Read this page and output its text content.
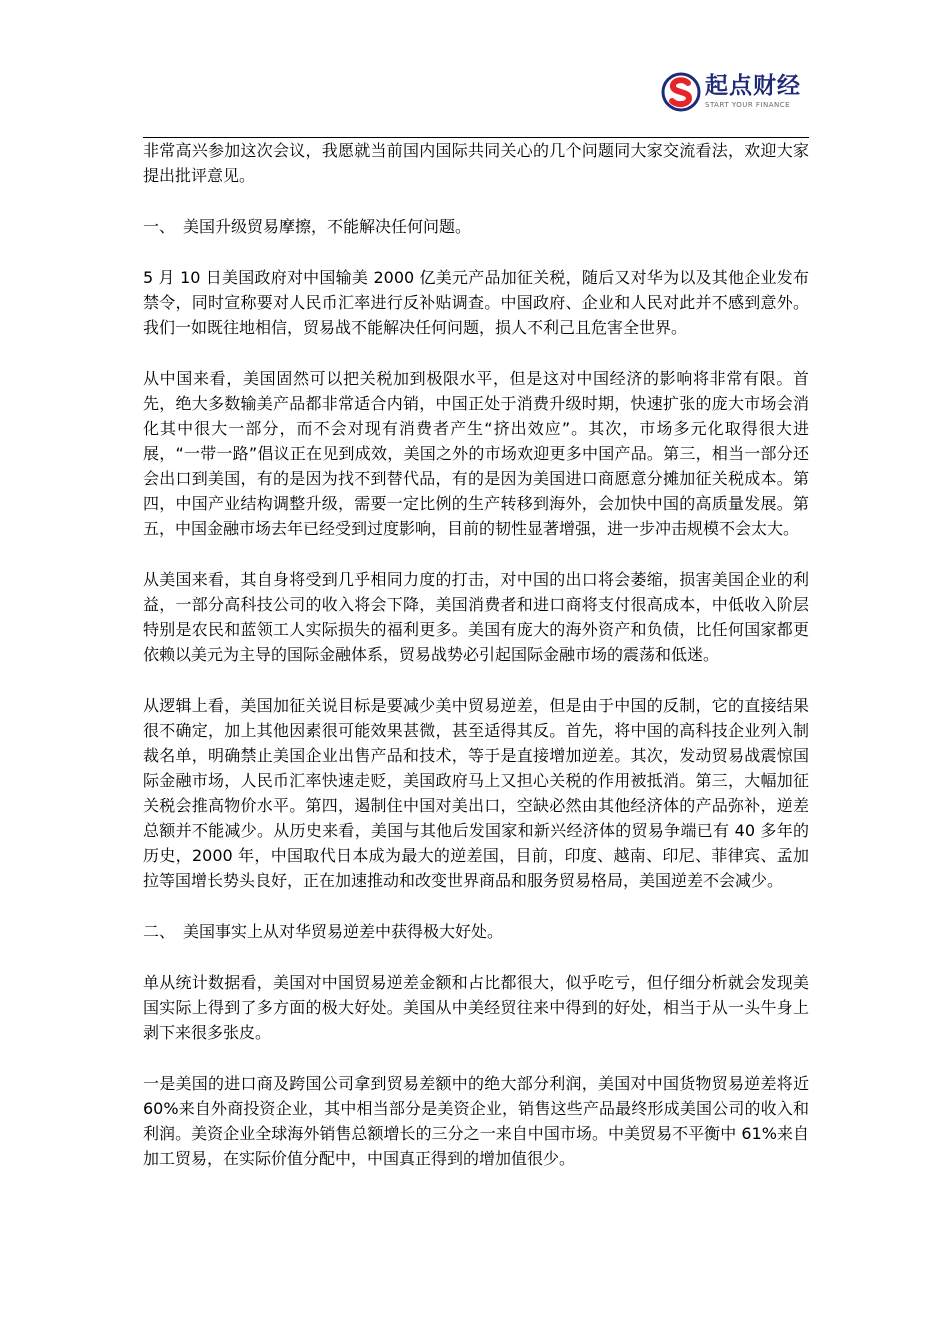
起点财经
START YOUR FINANCE

非常高兴参加这次会议，我愿就当前国内国际共同关心的几个问题同大家交流看法，欢迎大家提出批评意见。

一、　美国升级贸易摩擦，不能解决任何问题。

5 月 10 日美国政府对中国输美 2000 亿美元产品加征关税，随后又对华为以及其他企业发布禁令，同时宣称要对人民币汇率进行反补贴调查。中国政府、企业和人民对此并不感到意外。我们一如既往地相信，贸易战不能解决任何问题，损人不利己且危害全世界。

从中国来看，美国固然可以把关税加到极限水平，但是这对中国经济的影响将非常有限。首先，绝大多数输美产品都非常适合内销，中国正处于消费升级时期，快速扩张的庞大市场会消化其中很大一部分，而不会对现有消费者产生“挤出效应”。其次，市场多元化取得很大进展，“一带一路”倡议正在见到成效，美国之外的市场欢迎更多中国产品。第三，相当一部分还会出口到美国，有的是因为找不到替代品，有的是因为美国进口商愿意分摊加征关税成本。第四，中国产业结构调整升级，需要一定比例的生产转移到海外，会加快中国的高质量发展。第五，中国金融市场去年已经受到过度影响，目前的韧性显著增强，进一步冲击规模不会太大。

从美国来看，其自身将受到几乎相同力度的打击，对中国的出口将会萎缩，损害美国企业的利益，一部分高科技公司的收入将会下降，美国消费者和进口商将支付很高成本，中低收入阶层特别是农民和蓝领工人实际损失的福利更多。美国有庞大的海外资产和负债，比任何国家都更依赖以美元为主导的国际金融体系，贸易战势必引起国际金融市场的震荡和低迷。

从逻辑上看，美国加征关说目标是要减少美中贸易逆差，但是由于中国的反制，它的直接结果很不确定，加上其他因素很可能效果甚微，甚至适得其反。首先，将中国的高科技企业列入制裁名单，明确禁止美国企业出售产品和技术，等于是直接增加逆差。其次，发动贸易战震惊国际金融市场，人民币汇率快速走贬，美国政府马上又担心关税的作用被抵消。第三，大幅加征关税会推高物价水平。第四，遏制住中国对美出口，空缺必然由其他经济体的产品弥补，逆差总额并不能减少。从历史来看，美国与其他后发国家和新兴经济体的贸易争端已有 40 多年的历史，2000 年，中国取代日本成为最大的逆差国，目前，印度、越南、印尼、菲律宾、孟加拉等国增长势头良好，正在加速推动和改变世界商品和服务贸易格局，美国逆差不会减少。

二、　美国事实上从对华贸易逆差中获得极大好处。

单从统计数据看，美国对中国贸易逆差金额和占比都很大，似乎吃亏，但仔细分析就会发现美国实际上得到了多方面的极大好处。美国从中美经贸往来中得到的好处，相当于从一头牛身上剥下来很多张皮。

一是美国的进口商及跨国公司拿到贸易差额中的绝大部分利润，美国对中国货物贸易逆差将近 60%来自外商投资企业，其中相当部分是美资企业，销售这些产品最终形成美国公司的收入和利润。美资企业全球海外销售总额增长的三分之一来自中国市场。中美贸易不平衡中 61%来自加工贸易，在实际价值分配中，中国真正得到的增加值很少。
